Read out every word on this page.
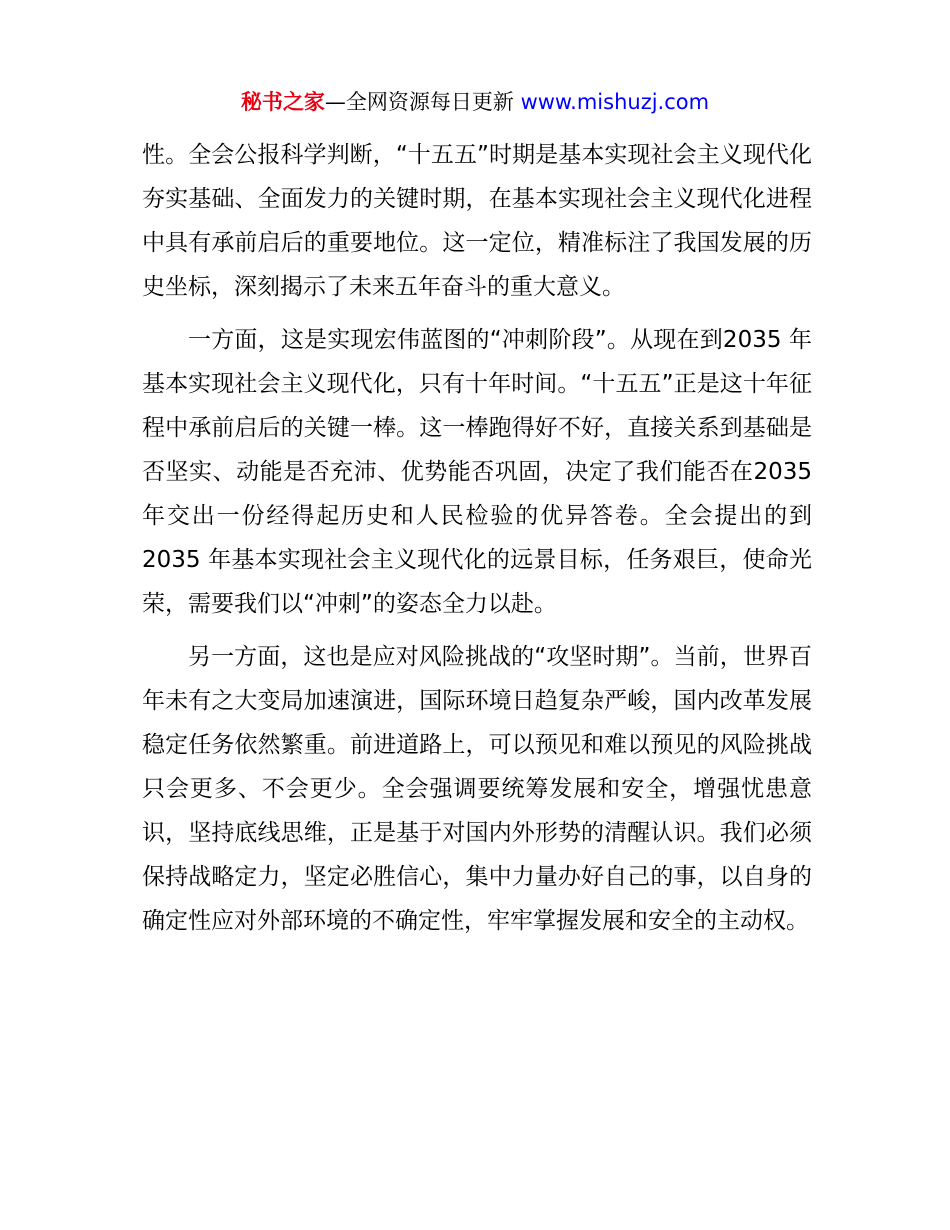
秘书之家—全网资源每日更新 www.mishuzj.com

性。全会公报科学判断，“十五五”时期是基本实现社会主义现代化夯实基础、全面发力的关键时期，在基本实现社会主义现代化进程中具有承前启后的重要地位。这一定位，精准标注了我国发展的历史坐标，深刻揭示了未来五年奋斗的重大意义。

一方面，这是实现宏伟蓝图的“冲刺阶段”。从现在到2035 年基本实现社会主义现代化，只有十年时间。“十五五”正是这十年征程中承前启后的关键一棒。这一棒跑得好不好，直接关系到基础是否坚实、动能是否充沛、优势能否巩固，决定了我们能否在2035 年交出一份经得起历史和人民检验的优异答卷。全会提出的到2035 年基本实现社会主义现代化的远景目标，任务艰巨，使命光荣，需要我们以“冲刺”的姿态全力以赴。

另一方面，这也是应对风险挑战的“攻坚时期”。当前，世界百年未有之大变局加速演进，国际环境日趋复杂严峻，国内改革发展稳定任务依然繁重。前进道路上，可以预见和难以预见的风险挑战只会更多、不会更少。全会强调要统筹发展和安全，增强忧患意识，坚持底线思维，正是基于对国内外形势的清醒认识。我们必须保持战略定力，坚定必胜信心，集中力量办好自己的事，以自身的确定性应对外部环境的不确定性，牢牢掌握发展和安全的主动权。
